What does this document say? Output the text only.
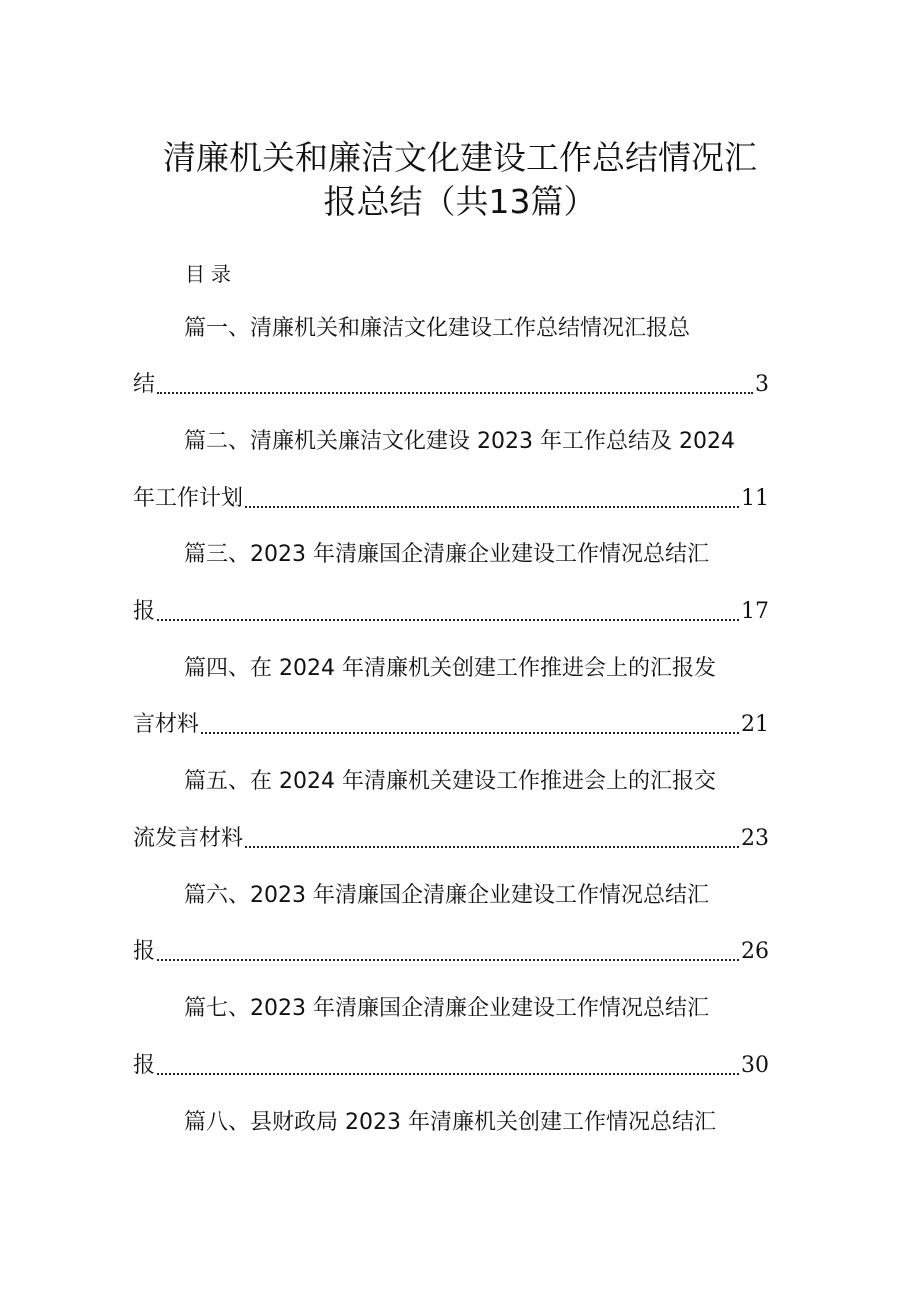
清廉机关和廉洁文化建设工作总结情况汇
报总结（共13篇）
目录
篇一、清廉机关和廉洁文化建设工作总结情况汇报总
结	3
篇二、清廉机关廉洁文化建设 2023 年工作总结及 2024
年工作计划	11
篇三、2023 年清廉国企清廉企业建设工作情况总结汇
报	17
篇四、在 2024 年清廉机关创建工作推进会上的汇报发
言材料	21
篇五、在 2024 年清廉机关建设工作推进会上的汇报交
流发言材料	23
篇六、2023 年清廉国企清廉企业建设工作情况总结汇
报	26
篇七、2023 年清廉国企清廉企业建设工作情况总结汇
报	30
篇八、县财政局 2023 年清廉机关创建工作情况总结汇
